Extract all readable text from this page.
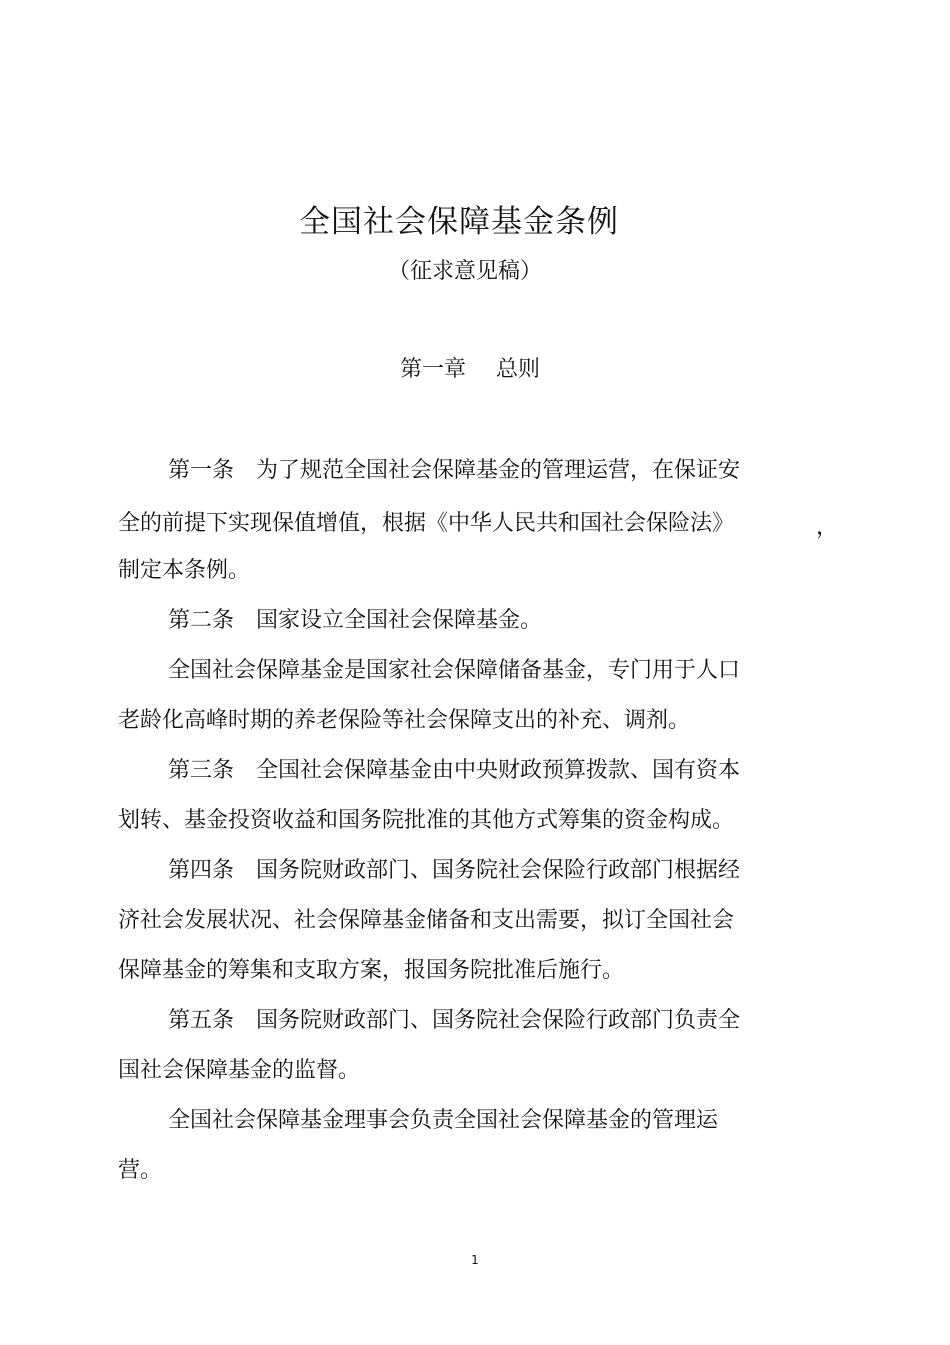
全国社会保障基金条例
（征求意见稿）
第一章 总则
第一条 为了规范全国社会保障基金的管理运营，在保证安
全的前提下实现保值增值，根据《中华人民共和国社会保险法》	，
制定本条例。
第二条 国家设立全国社会保障基金。
全国社会保障基金是国家社会保障储备基金，专门用于人口
老龄化高峰时期的养老保险等社会保障支出的补充、调剂。
第三条 全国社会保障基金由中央财政预算拨款、国有资本
划转、基金投资收益和国务院批准的其他方式筹集的资金构成。
第四条 国务院财政部门、国务院社会保险行政部门根据经
济社会发展状况、社会保障基金储备和支出需要，拟订全国社会
保障基金的筹集和支取方案，报国务院批准后施行。
第五条 国务院财政部门、国务院社会保险行政部门负责全
国社会保障基金的监督。
全国社会保障基金理事会负责全国社会保障基金的管理运
营。
1
